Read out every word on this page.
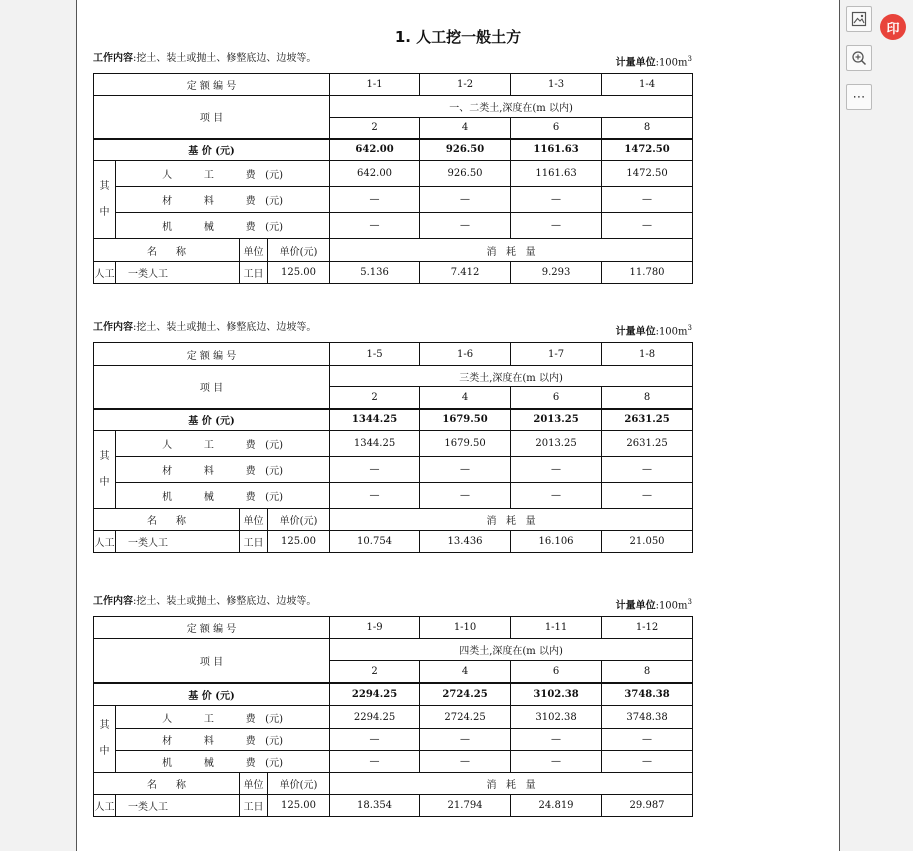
1. 人工挖一般土方
⋯
印
工作内容:挖土、装土或抛土、修整底边、边坡等。	计量单位$:100m^3$
定 额 编 号				1-1	1-2	1-3	1-4
项 目				一、二类土,深度在(m 以内)			
				2	4	6	8
基 价 (元)				642.00	926.50	1161.63	1472.50

其
中	人          工          费   (元)			642.00	926.50	1161.63	1472.50
	材          料          费   (元)			—	—	—	—
	机          械          费   (元)			—	—	—	—
名      称		单位	单价(元)	消   耗   量			
人工	一类人工	工日	125.00	5.136	7.412	9.293	11.780
工作内容:挖土、装土或抛土、修整底边、边坡等。	计量单位$:100m^3$
定 额 编 号				1-5	1-6	1-7	1-8
项 目				三类土,深度在(m 以内)			
				2	4	6	8
基 价 (元)				1344.25	1679.50	2013.25	2631.25

其
中	人          工          费   (元)			1344.25	1679.50	2013.25	2631.25
	材          料          费   (元)			—	—	—	—
	机          械          费   (元)			—	—	—	—
名      称		单位	单价(元)	消   耗   量			
人工	一类人工	工日	125.00	10.754	13.436	16.106	21.050
工作内容:挖土、装土或抛土、修整底边、边坡等。	计量单位$:100m^3$
定 额 编 号				1-9	1-10	1-11	1-12
项 目				四类土,深度在(m 以内)			
				2	4	6	8
基 价 (元)				2294.25	2724.25	3102.38	3748.38

其
中	人          工          费   (元)			2294.25	2724.25	3102.38	3748.38
	材          料          费   (元)			—	—	—	—
	机          械          费   (元)			—	—	—	—
名      称		单位	单价(元)	消   耗   量			
人工	一类人工	工日	125.00	18.354	21.794	24.819	29.987
